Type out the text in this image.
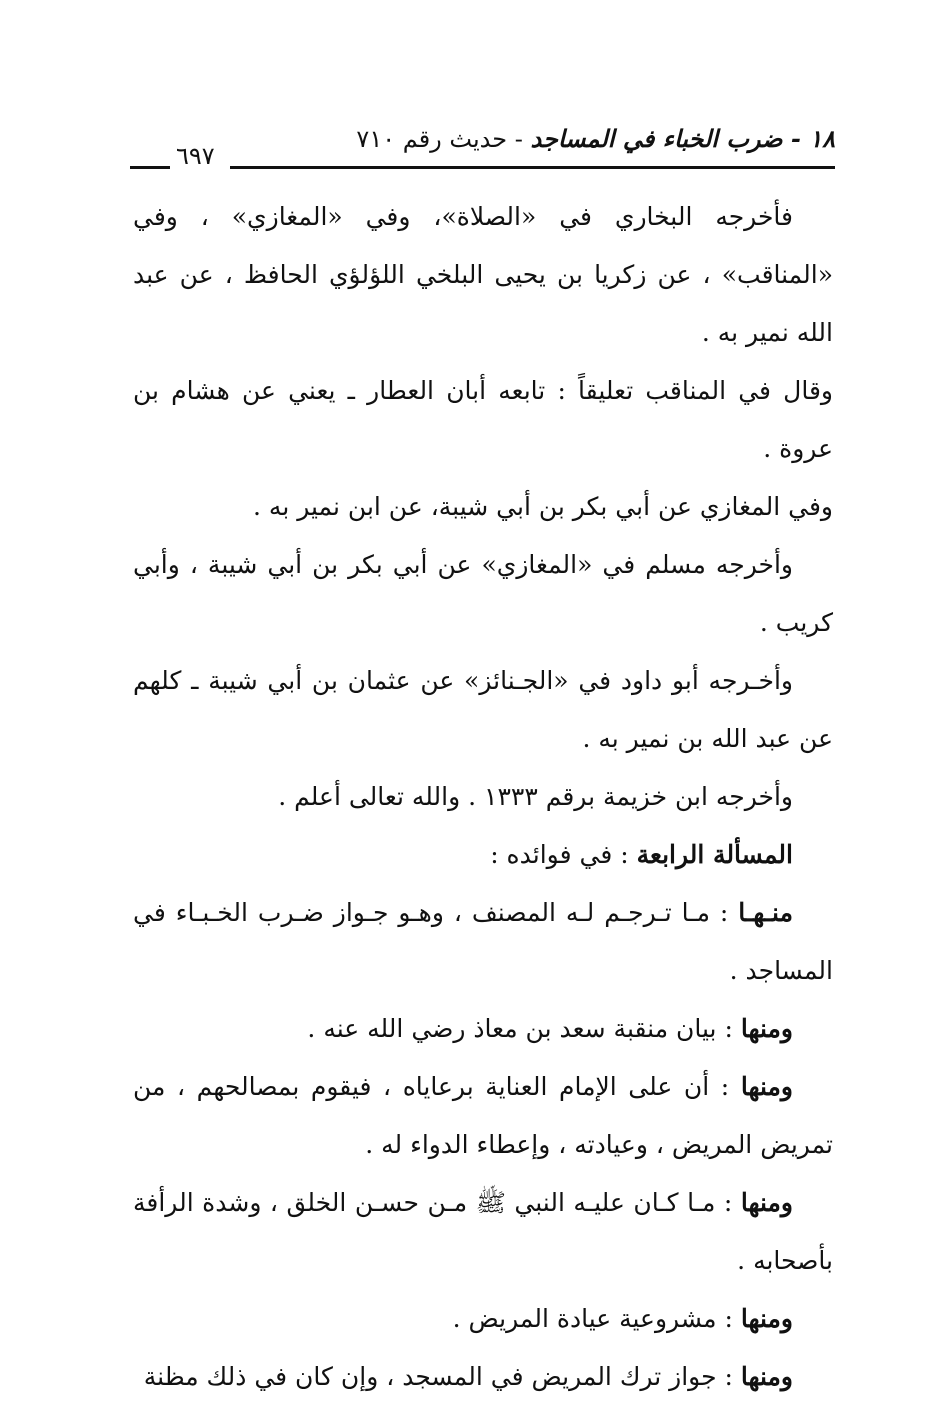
١٨ - ضرب الخباء في المساجد - حديث رقم ٧١٠
٦٩٧

فأخرجه البخاري في «الصلاة»، وفي «المغازي» ، وفي «المناقب» ، عن زكريا بن يحيى البلخي اللؤلؤي الحافظ ، عن عبد الله نمير به .

وقال في المناقب تعليقاً : تابعه أبان العطار ـ يعني عن هشام بن عروة .

وفي المغازي عن أبي بكر بن أبي شيبة، عن ابن نمير به .

وأخرجه مسلم في «المغازي» عن أبي بكر بن أبي شيبة ، وأبي كريب .

وأخـرجه أبو داود في «الجـنائز» عن عثمان بن أبي شيبة ـ كلهم عن عبد الله بن نمير به .

وأخرجه ابن خزيمة برقم ١٣٣٣ . والله تعالى أعلم .

المسألة الرابعة : في فوائده :

منـهـا : مـا تـرجـم لـه المصنف ، وهـو جـواز ضـرب الخـبـاء في المساجد .

ومنها : بيان منقبة سعد بن معاذ رضي الله عنه .

ومنها : أن على الإمام العناية برعاياه ، فيقوم بمصالحهم ، من تمريض المريض ، وعيادته ، وإعطاء الدواء له .

ومنها : مـا كـان عليـه النبي ﷺ مـن حسـن الخلق ، وشدة الرأفة بأصحابه .

ومنها : مشروعية عيادة المريض .

ومنها : جواز ترك المريض في المسجد ، وإن كان في ذلك مظنة
